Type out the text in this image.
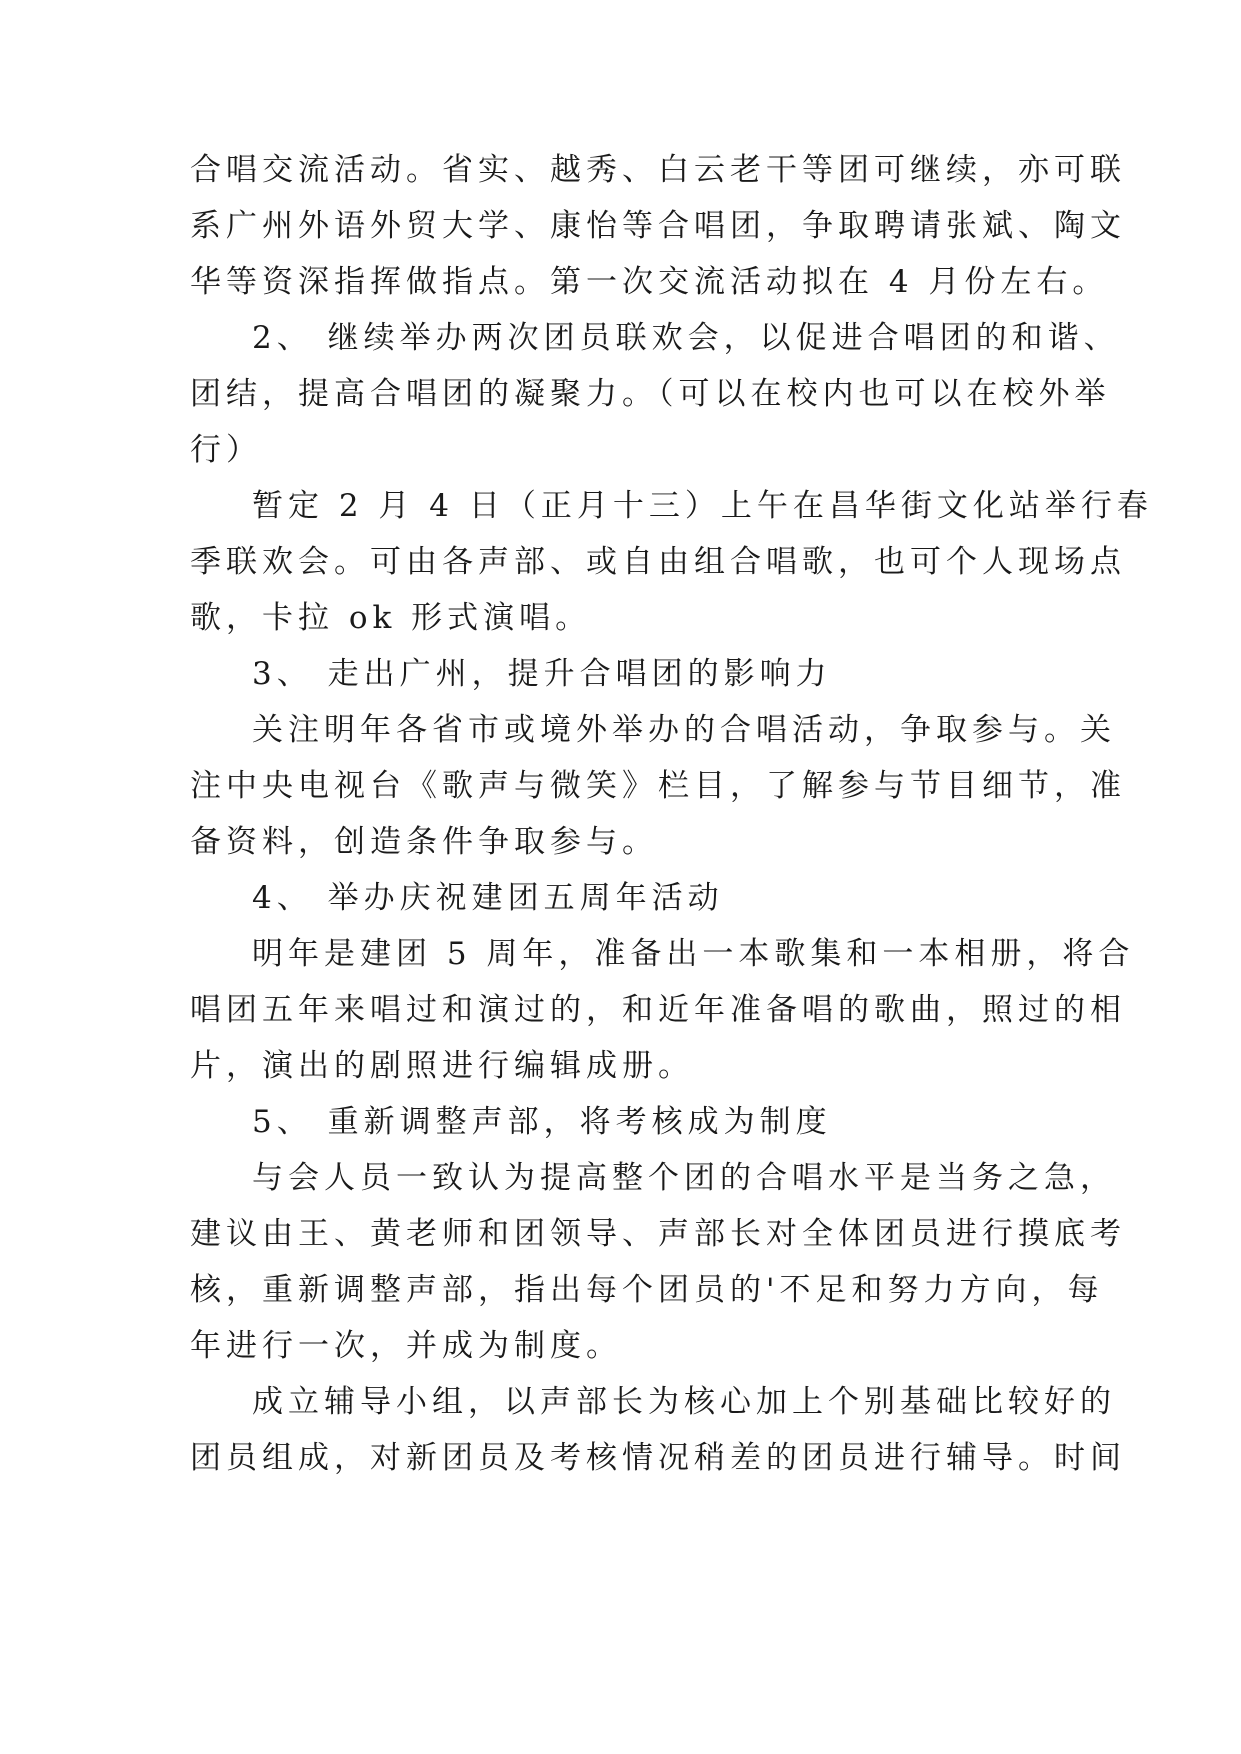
合唱交流活动。省实、越秀、白云老干等团可继续，亦可联
系广州外语外贸大学、康怡等合唱团，争取聘请张斌、陶文
华等资深指挥做指点。第一次交流活动拟在 4 月份左右。
2、 继续举办两次团员联欢会，以促进合唱团的和谐、
团结，提高合唱团的凝聚力。（可以在校内也可以在校外举
行）
暂定 2 月 4 日（正月十三）上午在昌华街文化站举行春
季联欢会。可由各声部、或自由组合唱歌，也可个人现场点
歌，卡拉 ok 形式演唱。
3、 走出广州，提升合唱团的影响力
关注明年各省市或境外举办的合唱活动，争取参与。关
注中央电视台《歌声与微笑》栏目，了解参与节目细节，准
备资料，创造条件争取参与。
4、 举办庆祝建团五周年活动
明年是建团 5 周年，准备出一本歌集和一本相册，将合
唱团五年来唱过和演过的，和近年准备唱的歌曲，照过的相
片，演出的剧照进行编辑成册。
5、 重新调整声部，将考核成为制度
与会人员一致认为提高整个团的合唱水平是当务之急，
建议由王、黄老师和团领导、声部长对全体团员进行摸底考
核，重新调整声部，指出每个团员的'不足和努力方向，每
年进行一次，并成为制度。
成立辅导小组，以声部长为核心加上个别基础比较好的
团员组成，对新团员及考核情况稍差的团员进行辅导。时间
